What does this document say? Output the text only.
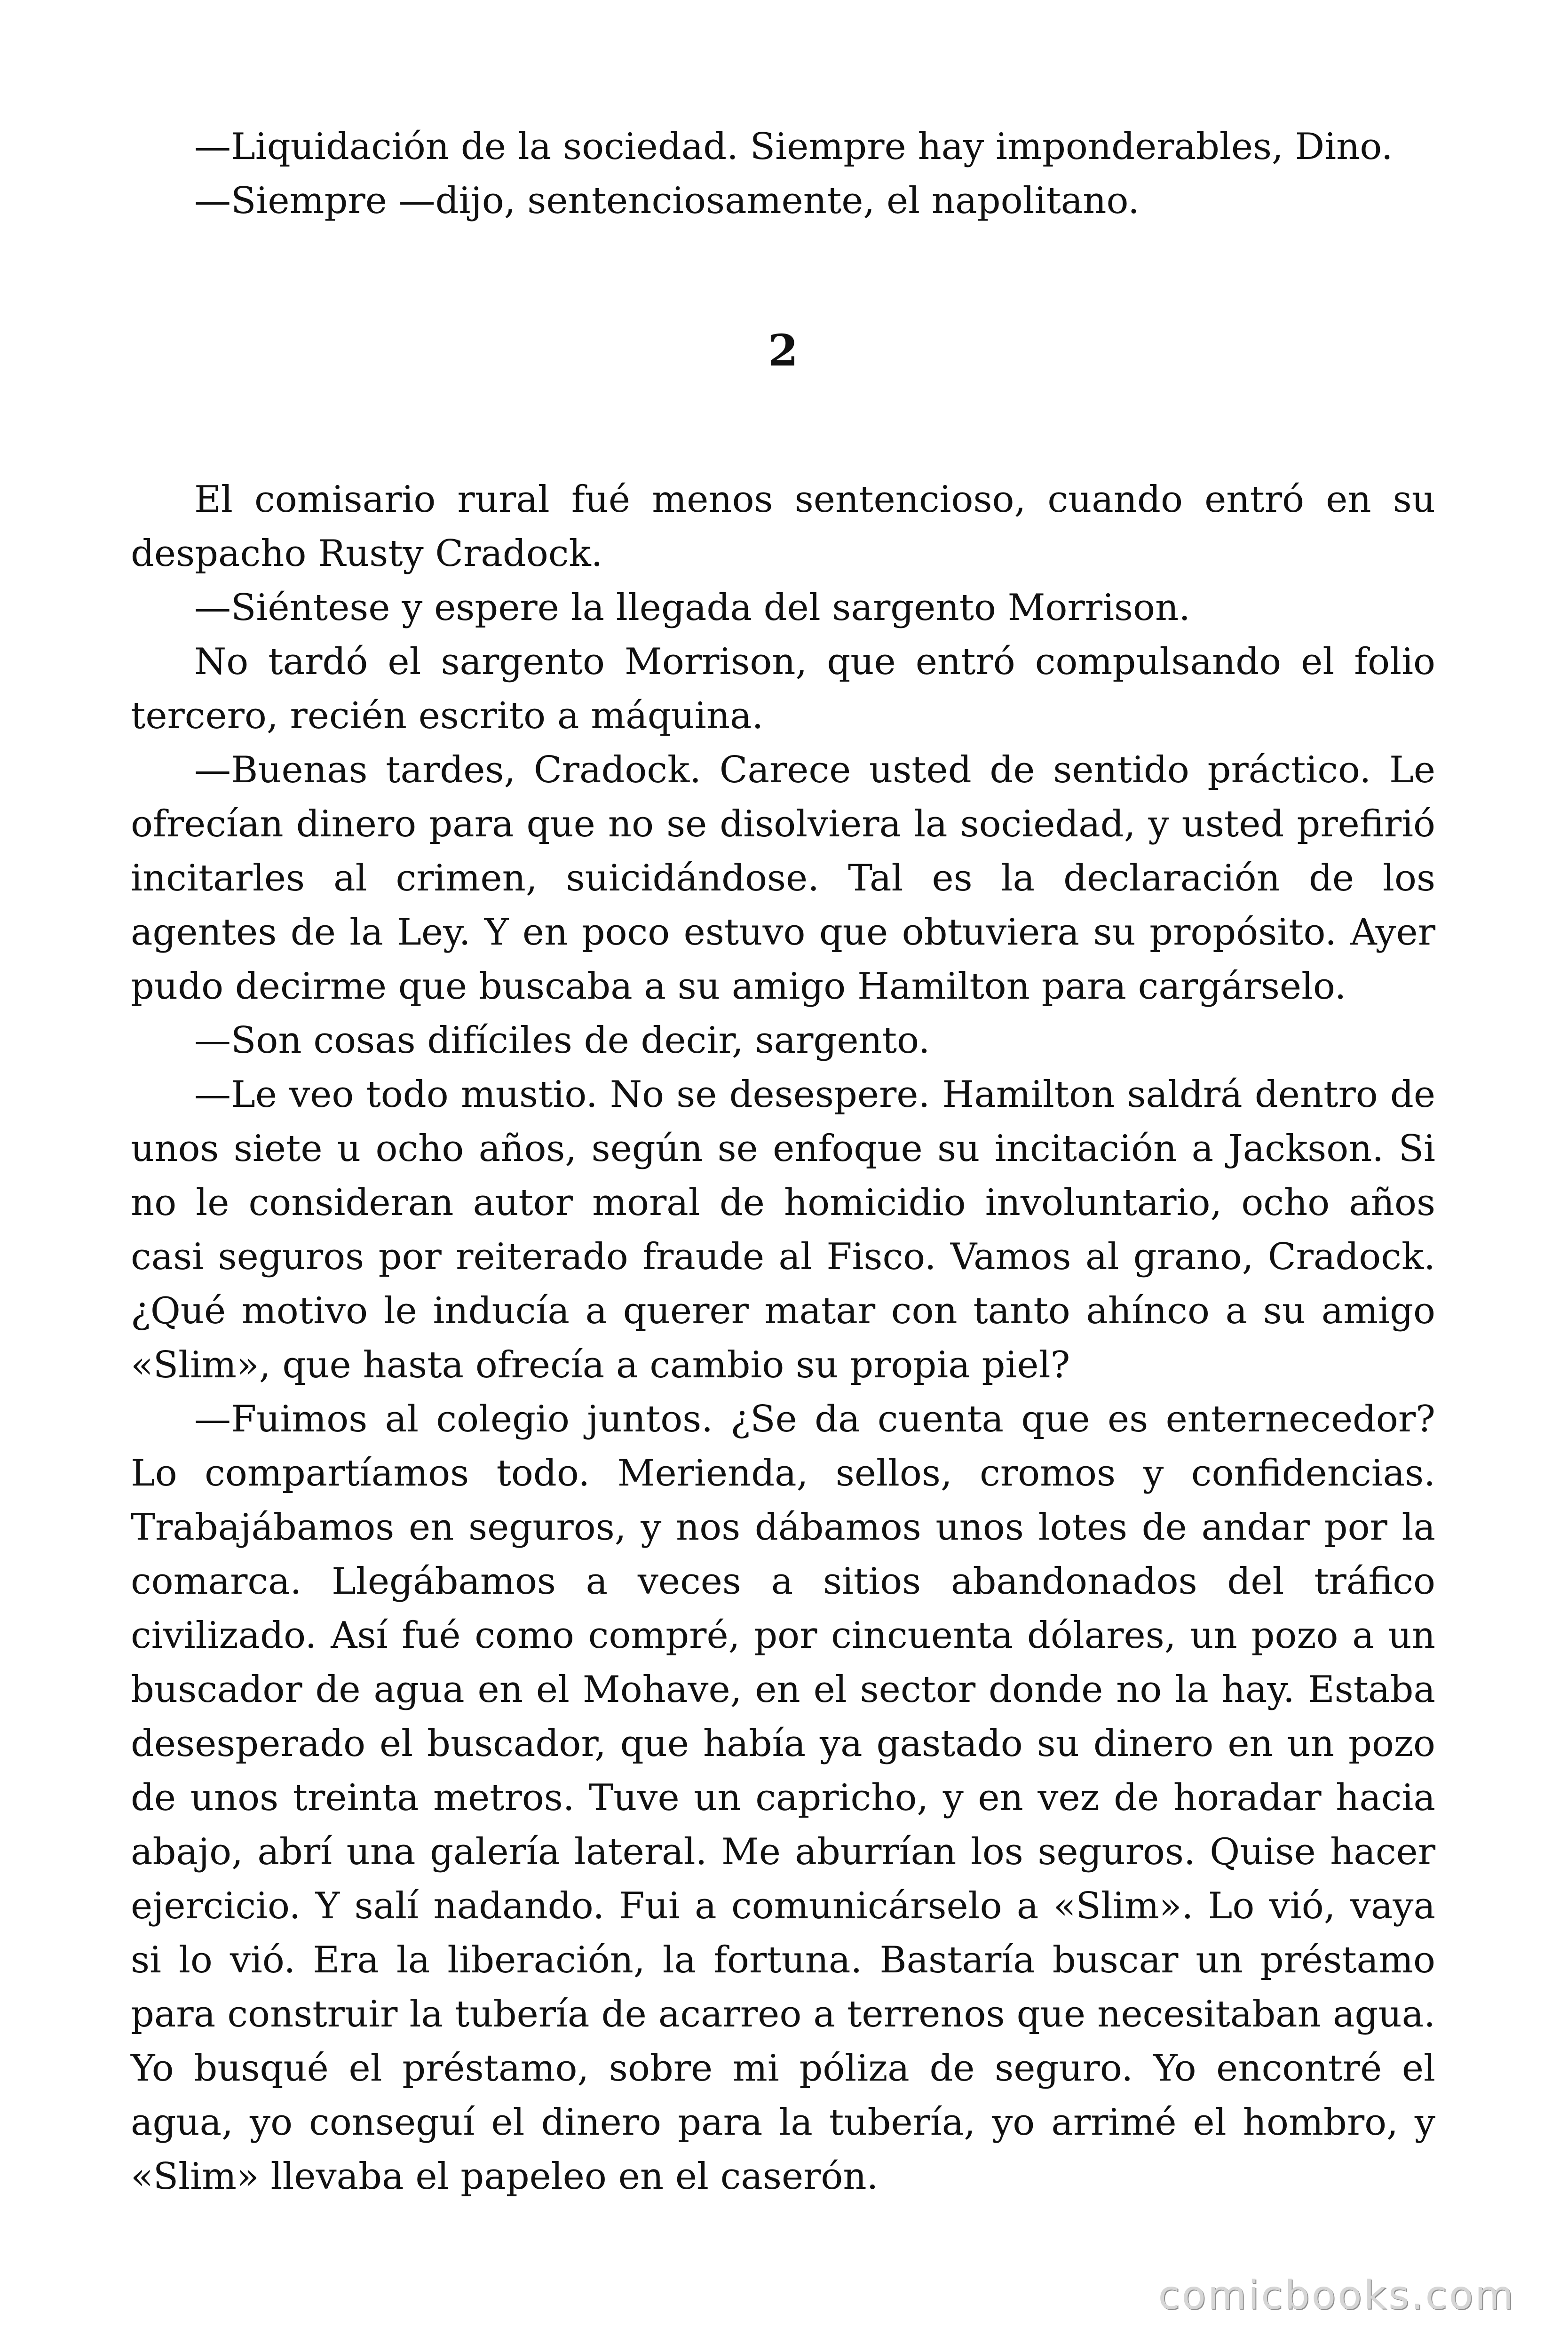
—Liquidación de la sociedad. Siempre hay imponderables, Dino.

—Siempre —dijo, sentenciosamente, el napolitano.

2

El comisario rural fué menos sentencioso, cuando entró en su despacho Rusty Cradock.

—Siéntese y espere la llegada del sargento Morrison.

No tardó el sargento Morrison, que entró compulsando el folio tercero, recién escrito a máquina.

—Buenas tardes, Cradock. Carece usted de sentido práctico. Le ofrecían dinero para que no se disolviera la sociedad, y usted prefirió incitarles al crimen, suicidándose. Tal es la declaración de los agentes de la Ley. Y en poco estuvo que obtuviera su propósito. Ayer pudo decirme que buscaba a su amigo Hamilton para cargárselo.

—Son cosas difíciles de decir, sargento.

—Le veo todo mustio. No se desespere. Hamilton saldrá dentro de unos siete u ocho años, según se enfoque su incitación a Jackson. Si no le consideran autor moral de homicidio involuntario, ocho años casi seguros por reiterado fraude al Fisco. Vamos al grano, Cradock. ¿Qué motivo le inducía a querer matar con tanto ahínco a su amigo «Slim», que hasta ofrecía a cambio su propia piel?

—Fuimos al colegio juntos. ¿Se da cuenta que es enternecedor? Lo compartíamos todo. Merienda, sellos, cromos y confidencias. Trabajábamos en seguros, y nos dábamos unos lotes de andar por la comarca. Llegábamos a veces a sitios abandonados del tráfico civilizado. Así fué como compré, por cincuenta dólares, un pozo a un buscador de agua en el Mohave, en el sector donde no la hay. Estaba desesperado el buscador, que había ya gastado su dinero en un pozo de unos treinta metros. Tuve un capricho, y en vez de horadar hacia abajo, abrí una galería lateral. Me aburrían los seguros. Quise hacer ejercicio. Y salí nadando. Fui a comunicárselo a «Slim». Lo vió, vaya si lo vió. Era la liberación, la fortuna. Bastaría buscar un préstamo para construir la tubería de acarreo a terrenos que necesitaban agua. Yo busqué el préstamo, sobre mi póliza de seguro. Yo encontré el agua, yo conseguí el dinero para la tubería, yo arrimé el hombro, y «Slim» llevaba el papeleo en el caserón.

comicbooks.com
